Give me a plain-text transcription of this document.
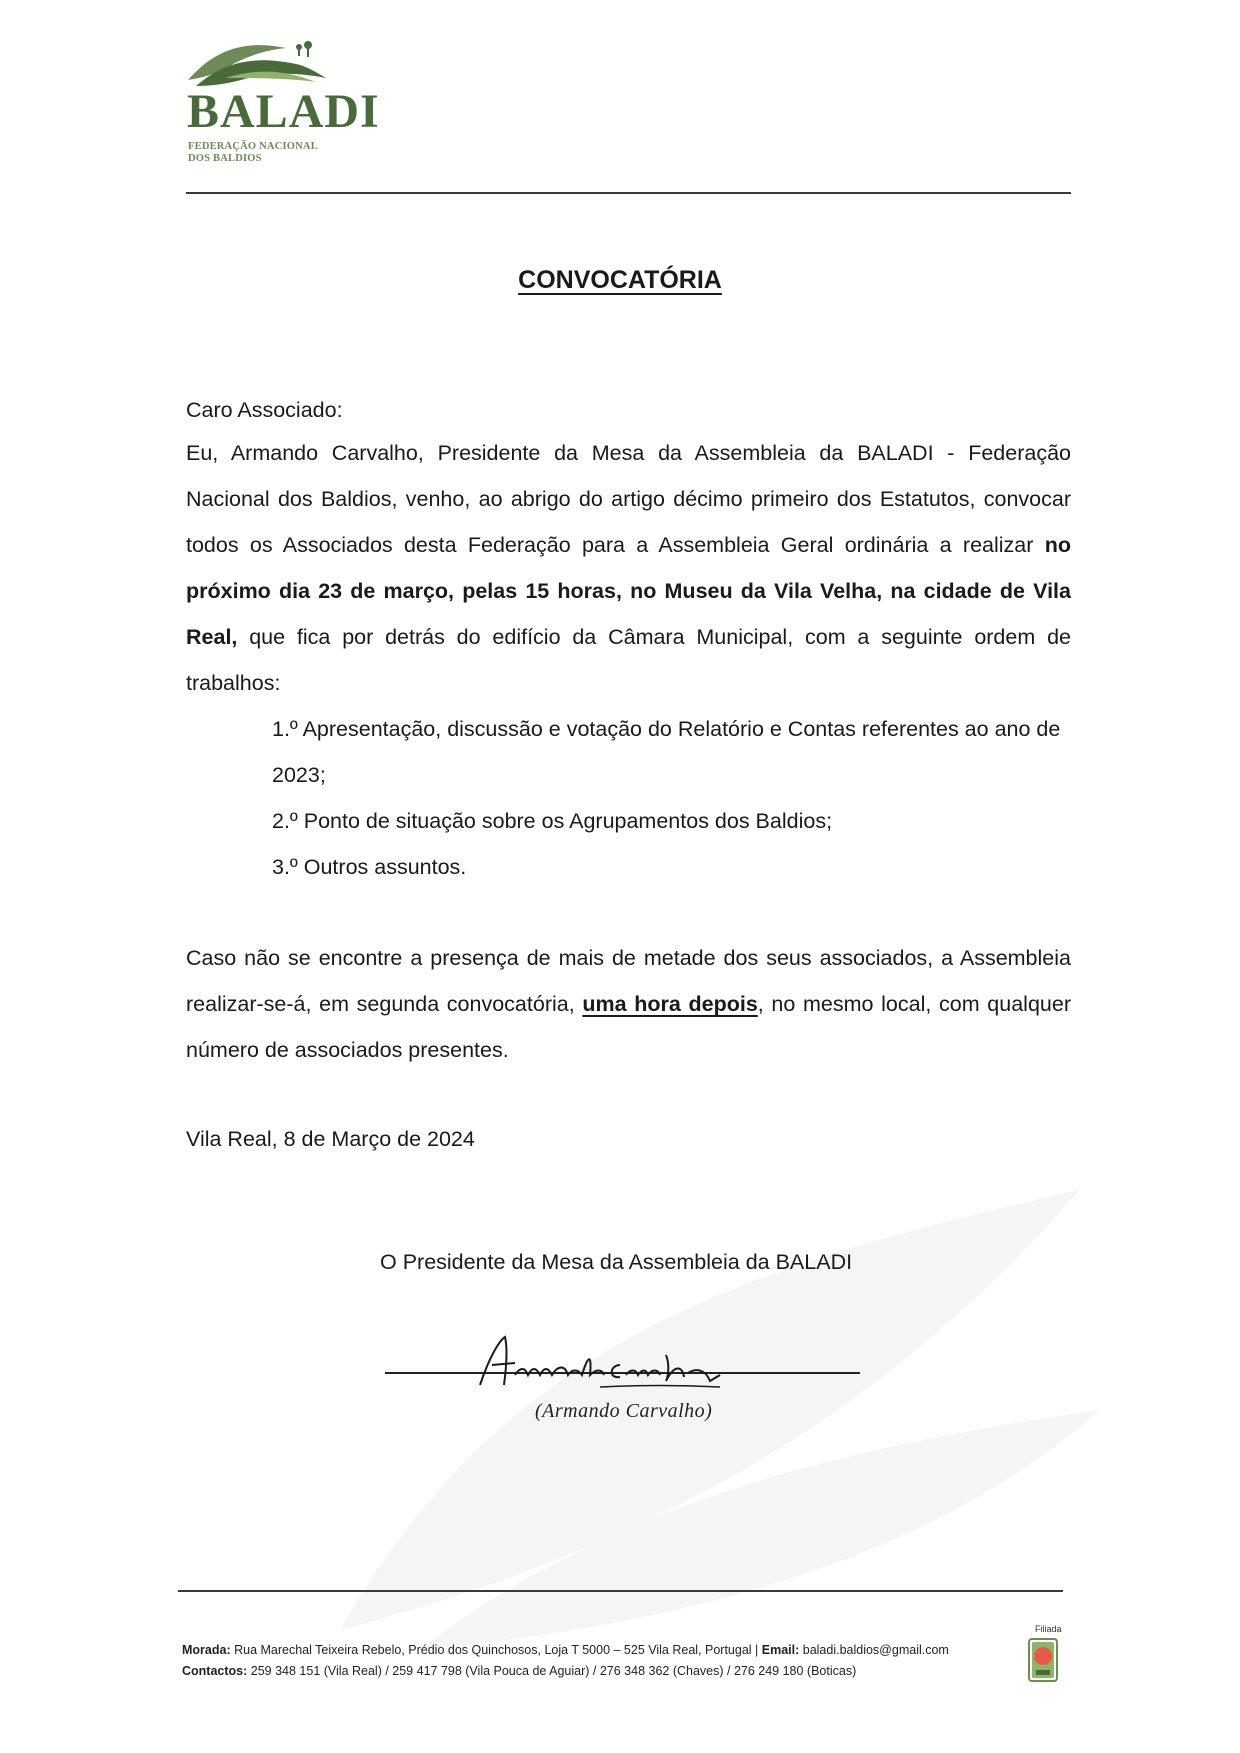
BALADI
FEDERAÇÃO NACIONAL
DOS BALDIOS
CONVOCATÓRIA
Caro Associado:
Eu, Armando Carvalho, Presidente da Mesa da Assembleia da BALADI - Federação Nacional dos Baldios, venho, ao abrigo do artigo décimo primeiro dos Estatutos, convocar todos os Associados desta Federação para a Assembleia Geral ordinária a realizar no próximo dia 23 de março, pelas 15 horas, no Museu da Vila Velha, na cidade de Vila Real, que fica por detrás do edifício da Câmara Municipal, com a seguinte ordem de trabalhos:

1.º Apresentação, discussão e votação do Relatório e Contas referentes ao ano de 2023;

2.º Ponto de situação sobre os Agrupamentos dos Baldios;

3.º Outros assuntos.

Caso não se encontre a presença de mais de metade dos seus associados, a Assembleia realizar-se-á, em segunda convocatória, uma hora depois, no mesmo local, com qualquer número de associados presentes.
Vila Real, 8 de Março de 2024
O Presidente da Mesa da Assembleia da BALADI
(Armando Carvalho)
Morada: Rua Marechal Teixeira Rebelo, Prédio dos Quinchosos, Loja T 5000 – 525 Vila Real, Portugal | Email: baladi.baldios@gmail.com
Contactos: 259 348 151 (Vila Real) / 259 417 798 (Vila Pouca de Aguiar) / 276 348 362 (Chaves) / 276 249 180 (Boticas)
Filiada
